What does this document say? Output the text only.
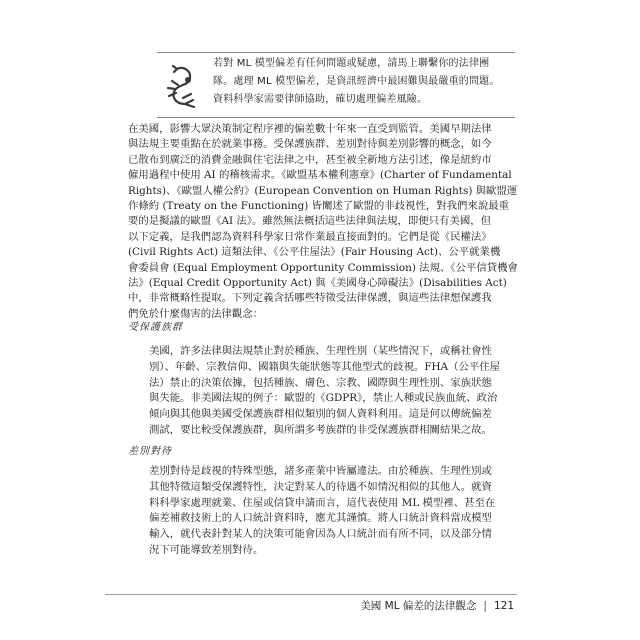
若對 ML 模型偏差有任何問題或疑慮，請馬上聯繫你的法律團
隊。處理 ML 模型偏差，是資訊經濟中最困難與最嚴重的問題。
資料科學家需要律師協助，確切處理偏差風險。
在美國，影響大眾決策制定程序裡的偏差數十年來一直受到監管。美國早期法律
與法規主要重點在於就業事務。受保護族群、差別對待與差別影響的概念，如今
已散布到廣泛的消費金融與住宅法律之中，甚至被全新地方法引述，像是紐約市
僱用過程中使用 AI 的稽核需求。《歐盟基本權利憲章》(Charter of Fundamental
Rights)、《歐盟人權公約》(European Convention on Human Rights) 與歐盟運
作條約 (Treaty on the Functioning) 皆闡述了歐盟的非歧視性，對我們來說最重
要的是擬議的歐盟《AI 法》。雖然無法概括這些法律與法規，即便只有美國，但
以下定義，是我們認為資料科學家日常作業最直接面對的。它們是從《民權法》
(Civil Rights Act) 這類法律、《公平住屋法》(Fair Housing Act)、公平就業機
會委員會 (Equal Employment Opportunity Commission) 法規、《公平信貸機會
法》(Equal Credit Opportunity Act) 與《美國身心障礙法》(Disabilities Act)
中，非常概略性提取。下列定義含括哪些特徵受法律保護，與這些法律想保護我
們免於什麼傷害的法律觀念：
受保護族群
美國，許多法律與法規禁止對於種族、生理性別（某些情況下，或稱社會性
別）、年齡、宗教信仰、國籍與失能狀態等其他型式的歧視。FHA（公平住屋
法）禁止的決策依據，包括種族、膚色、宗教、國際與生理性別、家族狀態
與失能。非美國法規的例子：歐盟的《GDPR》，禁止人種或民族血統、政治
傾向與其他與美國受保護族群相似類別的個人資料利用。這是何以傳統偏差
測試，要比較受保護族群，與所謂多考族群的非受保護族群相關結果之故。
差別對待
差別對待是歧視的特殊型態，諸多產業中皆屬違法。由於種族、生理性別或
其他特徵這類受保護特性，決定對某人的待遇不如情況相似的其他人。就資
料科學家處理就業、住屋或信貸申請而言，這代表使用 ML 模型裡、甚至在
偏差補救技術上的人口統計資料時，應尤其謹慎。將人口統計資料當成模型
輸入，就代表針對某人的決策可能會因為人口統計而有所不同，以及部分情
況下可能導致差別對待。
美國 ML 偏差的法律觀念 | 121
